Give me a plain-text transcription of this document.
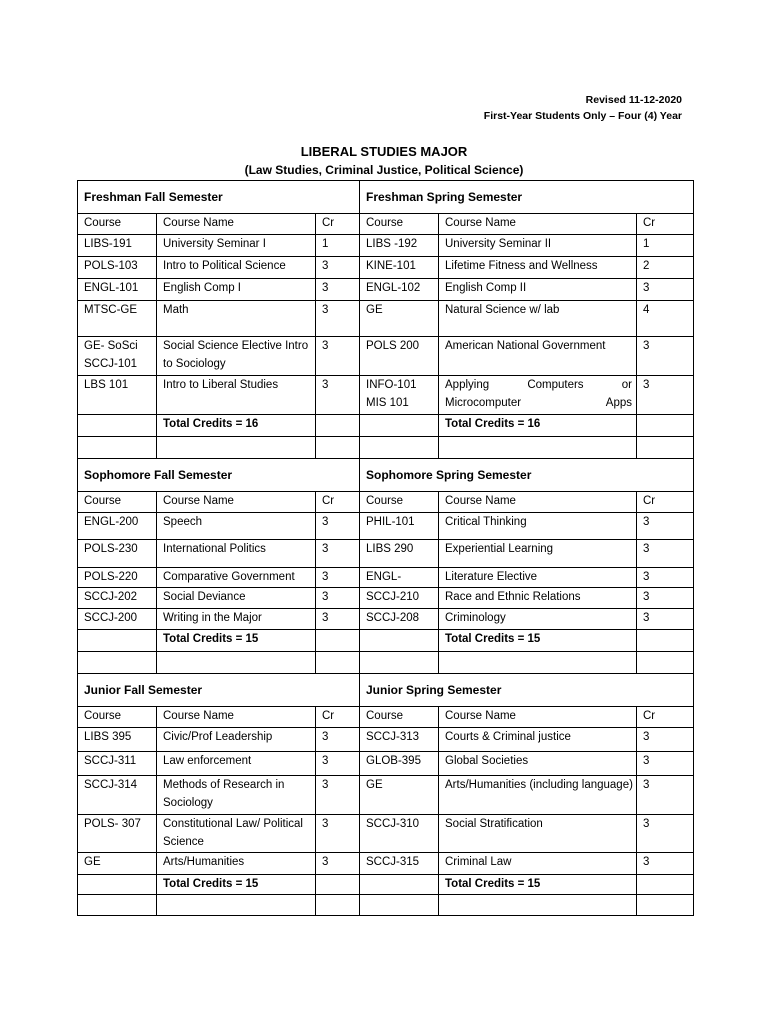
Revised 11-12-2020
First-Year Students Only – Four (4) Year
LIBERAL STUDIES MAJOR
(Law Studies, Criminal Justice, Political Science)
Freshman Fall Semester			Freshman Spring Semester		
Course	Course Name	Cr	Course	Course Name	Cr
LIBS-191	University Seminar I	1	LIBS -192	University Seminar II	1
POLS-103	Intro to Political Science	3	KINE-101	Lifetime Fitness and Wellness	2
ENGL-101	English Comp I	3	ENGL-102	English Comp II	3
MTSC-GE	Math	3	GE	Natural Science w/ lab	4
GE- SoSci SCCJ-101	Social Science Elective Intro to Sociology	3	POLS 200	American National Government	3
LBS 101	Intro to Liberal Studies	3	INFO-101 MIS 101	Applying Computers or Microcomputer Apps	3
	Total Credits = 16			Total Credits = 16	

Sophomore Fall Semester			Sophomore Spring Semester		
Course	Course Name	Cr	Course	Course Name	Cr
ENGL-200	Speech	3	PHIL-101	Critical Thinking	3
POLS-230	International Politics	3	LIBS 290	Experiential Learning	3
POLS-220	Comparative Government	3	ENGL-	Literature Elective	3
SCCJ-202	Social Deviance	3	SCCJ-210	Race and Ethnic Relations	3
SCCJ-200	Writing in the Major	3	SCCJ-208	Criminology	3
	Total Credits = 15			Total Credits = 15	

Junior Fall Semester			Junior Spring Semester		
Course	Course Name	Cr	Course	Course Name	Cr
LIBS 395	Civic/Prof Leadership	3	SCCJ-313	Courts & Criminal justice	3
SCCJ-311	Law enforcement	3	GLOB-395	Global Societies	3
SCCJ-314	Methods of Research in Sociology	3	GE	Arts/Humanities (including language)	3
POLS- 307	Constitutional Law/ Political Science	3	SCCJ-310	Social Stratification	3
GE	Arts/Humanities	3	SCCJ-315	Criminal Law	3
	Total Credits = 15			Total Credits = 15	
